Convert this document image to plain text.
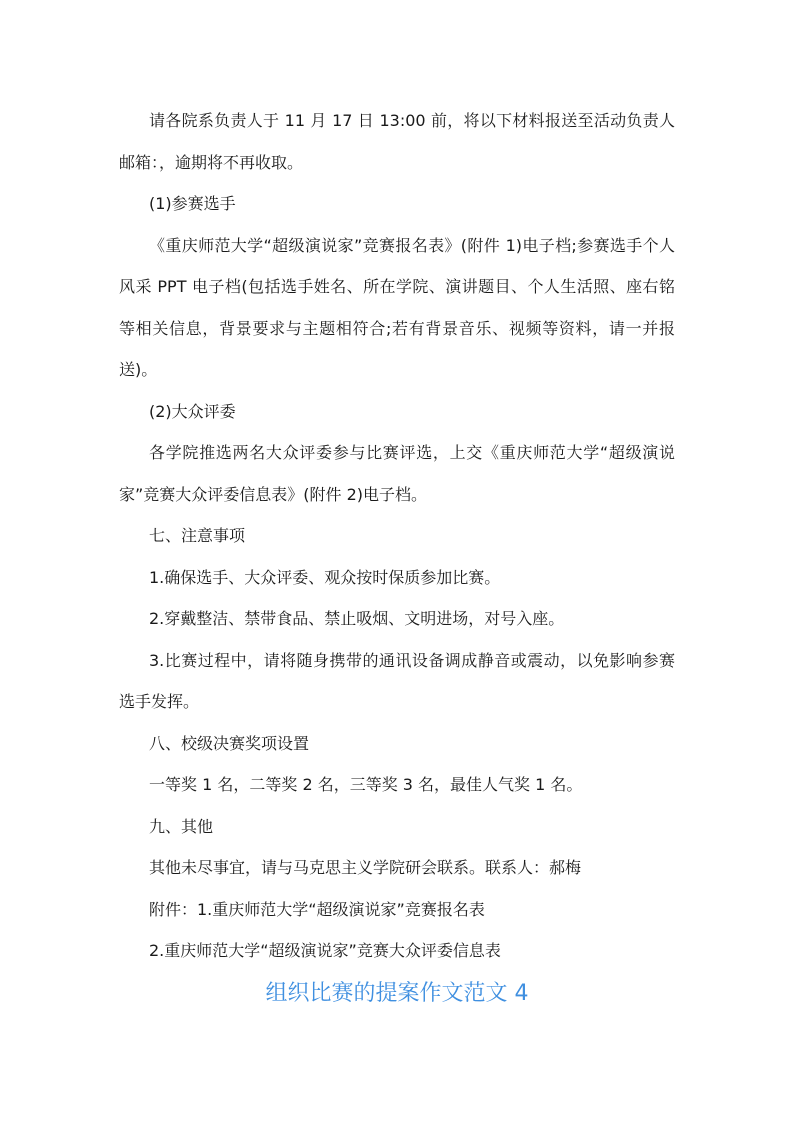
请各院系负责人于 11 月 17 日 13:00 前，将以下材料报送至活动负责人邮箱：，逾期将不再收取。

(1)参赛选手

《重庆师范大学“超级演说家”竞赛报名表》(附件 1)电子档;参赛选手个人风采 PPT 电子档(包括选手姓名、所在学院、演讲题目、个人生活照、座右铭等相关信息，背景要求与主题相符合;若有背景音乐、视频等资料，请一并报送)。

(2)大众评委

各学院推选两名大众评委参与比赛评选，上交《重庆师范大学“超级演说家”竞赛大众评委信息表》(附件 2)电子档。

七、注意事项

1.确保选手、大众评委、观众按时保质参加比赛。

2.穿戴整洁、禁带食品、禁止吸烟、文明进场，对号入座。

3.比赛过程中，请将随身携带的通讯设备调成静音或震动，以免影响参赛选手发挥。

八、校级决赛奖项设置

一等奖 1 名，二等奖 2 名，三等奖 3 名，最佳人气奖 1 名。

九、其他

其他未尽事宜，请与马克思主义学院研会联系。联系人：郝梅

附件：1.重庆师范大学“超级演说家”竞赛报名表

2.重庆师范大学“超级演说家”竞赛大众评委信息表

组织比赛的提案作文范文 4
